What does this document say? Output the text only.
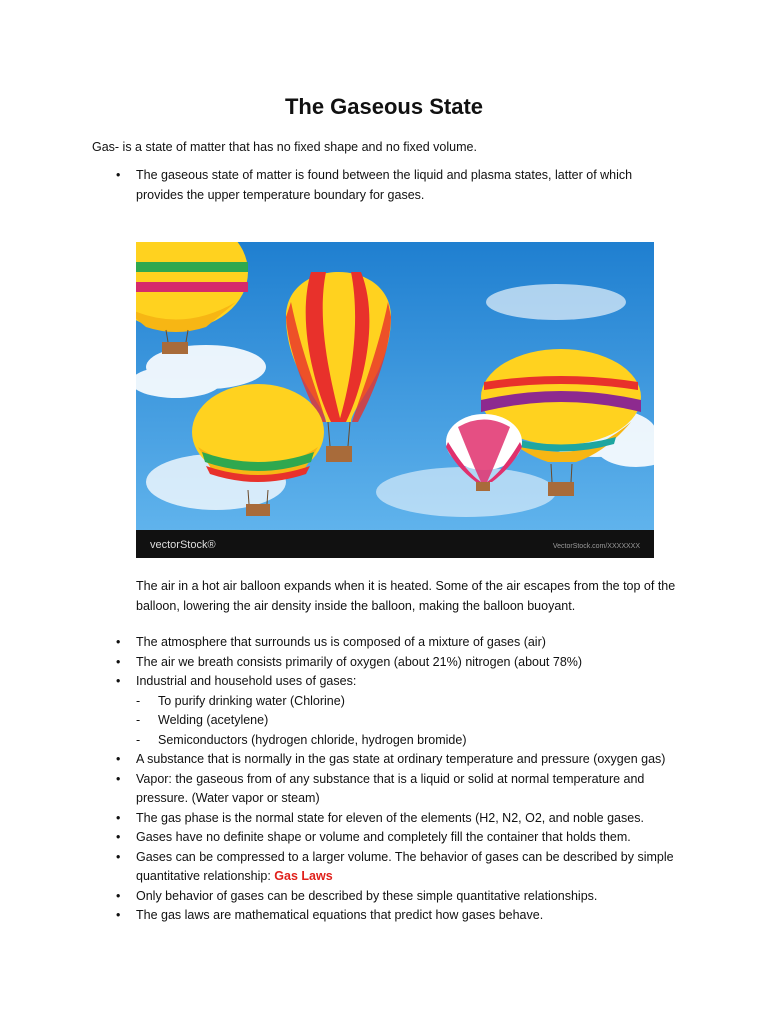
The Gaseous State

Gas- is a state of matter that has no fixed shape and no fixed volume.

• The gaseous state of matter is found between the liquid and plasma states, latter of which provides the upper temperature boundary for gases.
vectorStock®	VectorStock.com/XXXXXXX

The air in a hot air balloon expands when it is heated. Some of the air escapes from the top of the balloon, lowering the air density inside the balloon, making the balloon buoyant.

• The atmosphere that surrounds us is composed of a mixture of gases (air)
• The air we breath consists primarily of oxygen (about 21%) nitrogen (about 78%)
• Industrial and household uses of gases:
- To purify drinking water (Chlorine)
- Welding (acetylene)
- Semiconductors (hydrogen chloride, hydrogen bromide)
• A substance that is normally in the gas state at ordinary temperature and pressure (oxygen gas)
• Vapor: the gaseous from of any substance that is a liquid or solid at normal temperature and pressure. (Water vapor or steam)
• The gas phase is the normal state for eleven of the elements (H2, N2, O2, and noble gases.
• Gases have no definite shape or volume and completely fill the container that holds them.
• Gases can be compressed to a larger volume. The behavior of gases can be described by simple quantitative relationship: Gas Laws
• Only behavior of gases can be described by these simple quantitative relationships.
• The gas laws are mathematical equations that predict how gases behave.
